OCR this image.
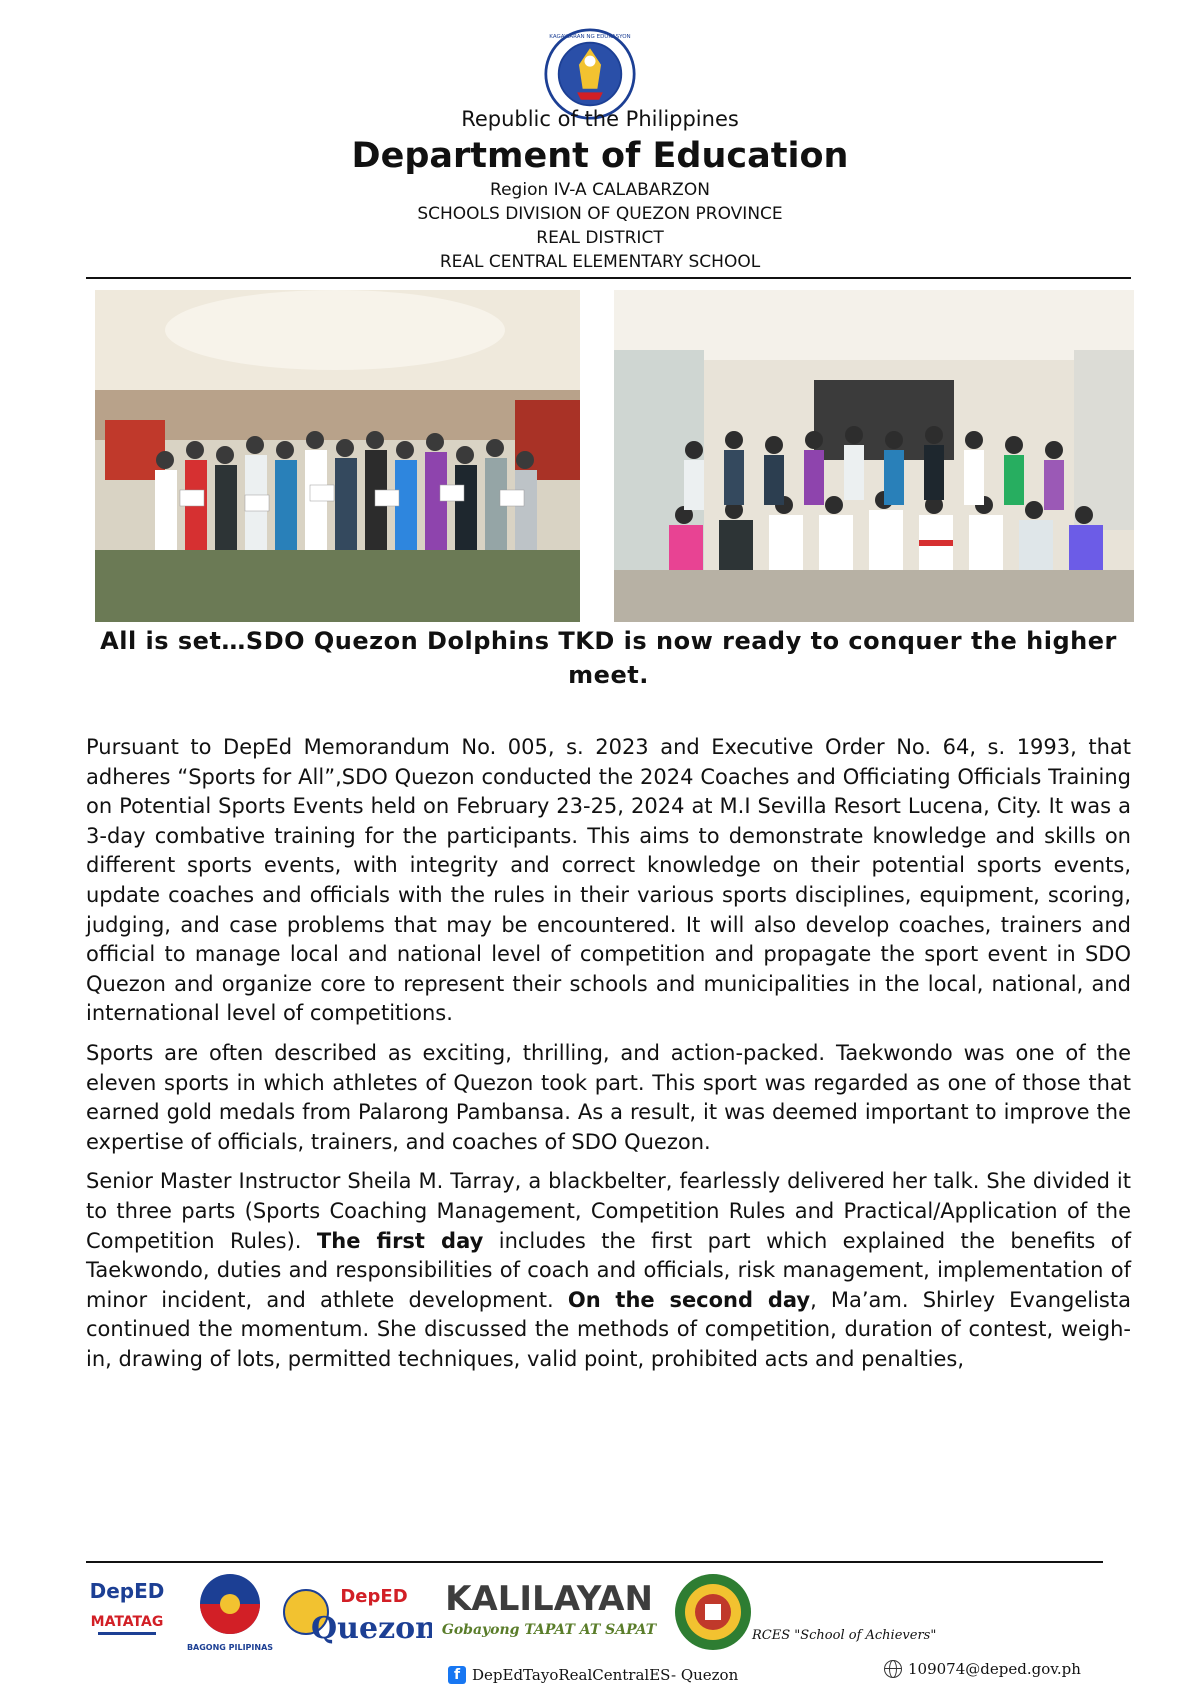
KAGAWARAN NG EDUKASYON
Republic of the Philippines
Department of Education
Region IV-A CALABARZON
SCHOOLS DIVISION OF QUEZON PROVINCE
REAL DISTRICT
REAL CENTRAL ELEMENTARY SCHOOL
All is set…SDO Quezon Dolphins TKD is now ready to conquer the higher meet.

Pursuant to DepEd Memorandum No. 005, s. 2023 and Executive Order No. 64, s. 1993, that adheres “Sports for All”,SDO Quezon conducted the 2024 Coaches and Officiating Officials Training on Potential Sports Events held on February 23-25, 2024 at M.I Sevilla Resort Lucena, City. It was a 3-day combative training for the participants. This aims to demonstrate knowledge and skills on different sports events, with integrity and correct knowledge on their potential sports events, update coaches and officials with the rules in their various sports disciplines, equipment, scoring, judging, and case problems that may be encountered. It will also develop coaches, trainers and official to manage local and national level of competition and propagate the sport event in SDO Quezon and organize core to represent their schools and municipalities in the local, national, and international level of competitions.

Sports are often described as exciting, thrilling, and action-packed. Taekwondo was one of the eleven sports in which athletes of Quezon took part. This sport was regarded as one of those that earned gold medals from Palarong Pambansa. As a result, it was deemed important to improve the expertise of officials, trainers, and coaches of SDO Quezon.

Senior Master Instructor Sheila M. Tarray, a blackbelter, fearlessly delivered her talk. She divided it to three parts (Sports Coaching Management, Competition Rules and Practical/Application of the Competition Rules). The first day includes the first part which explained the benefits of Taekwondo, duties and responsibilities of coach and officials, risk management, implementation of minor incident, and athlete development. On the second day, Ma’am. Shirley Evangelista continued the momentum. She discussed the methods of competition, duration of contest, weigh-in, drawing of lots, permitted techniques, valid point, prohibited acts and penalties,

DepED
MATATAG
BAGONG PILIPINAS
DepED
Quezon
KALILAYAN
Gobayong TAPAT AT SAPAT	RCES "School of Achievers"
f DepEdTayoRealCentralES- Quezon	109074@deped.gov.ph
